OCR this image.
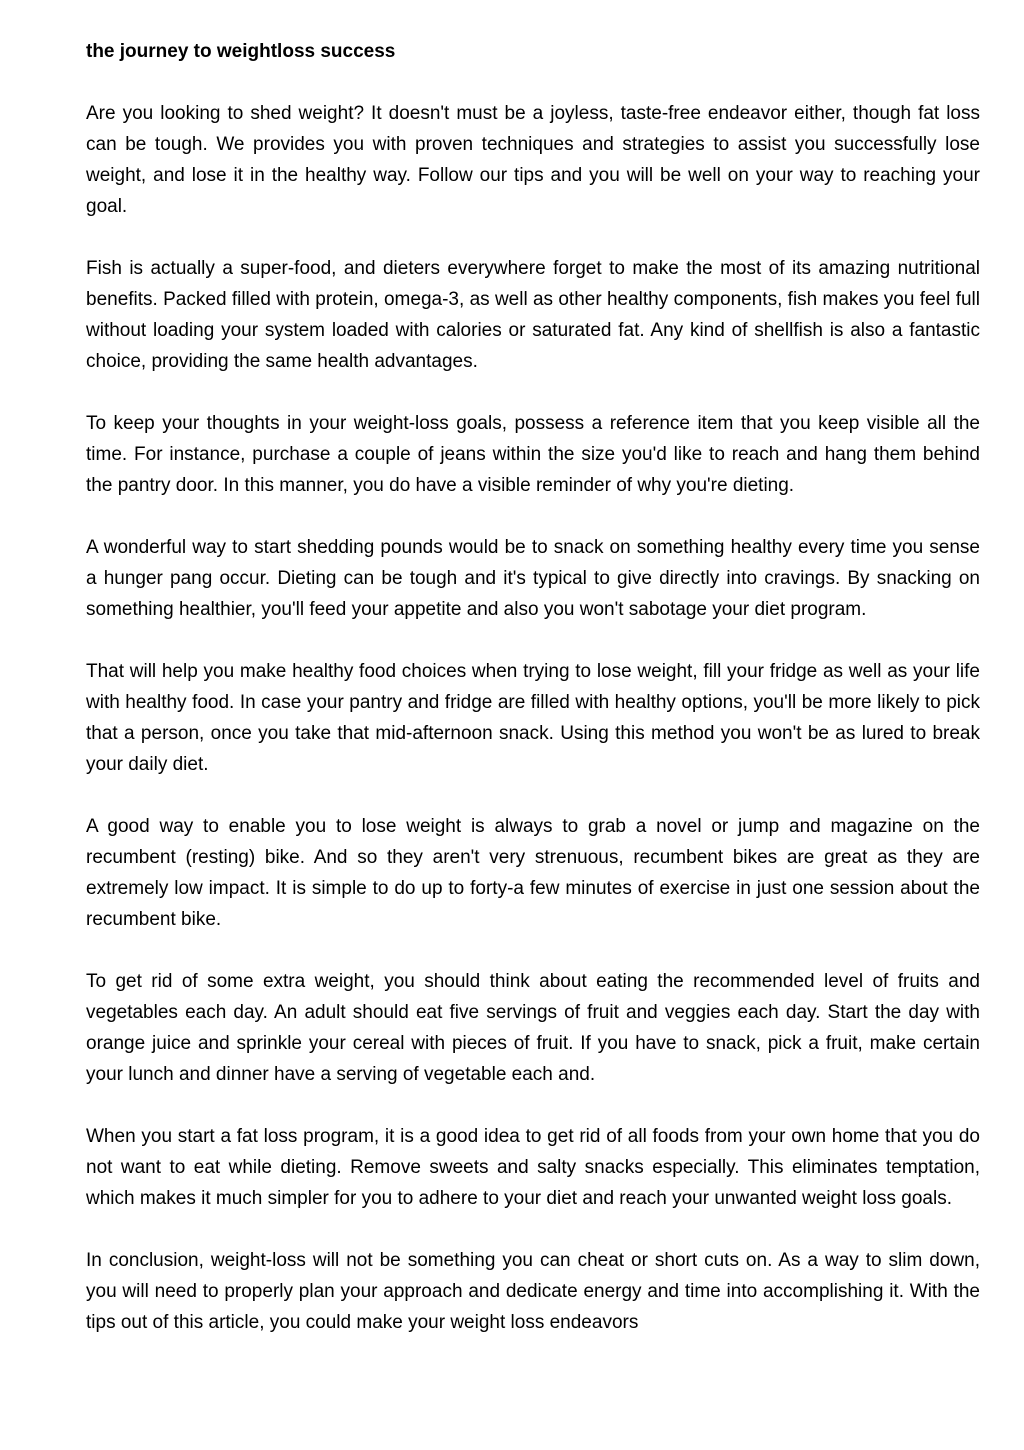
the journey to weightloss success

Are you looking to shed weight? It doesn't must be a joyless, taste-free endeavor either, though fat loss can be tough. We provides you with proven techniques and strategies to assist you successfully lose weight, and lose it in the healthy way. Follow our tips and you will be well on your way to reaching your goal.

Fish is actually a super-food, and dieters everywhere forget to make the most of its amazing nutritional benefits. Packed filled with protein, omega-3, as well as other healthy components, fish makes you feel full without loading your system loaded with calories or saturated fat. Any kind of shellfish is also a fantastic choice, providing the same health advantages.

To keep your thoughts in your weight-loss goals, possess a reference item that you keep visible all the time. For instance, purchase a couple of jeans within the size you'd like to reach and hang them behind the pantry door. In this manner, you do have a visible reminder of why you're dieting.

A wonderful way to start shedding pounds would be to snack on something healthy every time you sense a hunger pang occur. Dieting can be tough and it's typical to give directly into cravings. By snacking on something healthier, you'll feed your appetite and also you won't sabotage your diet program.

That will help you make healthy food choices when trying to lose weight, fill your fridge as well as your life with healthy food. In case your pantry and fridge are filled with healthy options, you'll be more likely to pick that a person, once you take that mid-afternoon snack. Using this method you won't be as lured to break your daily diet.

A good way to enable you to lose weight is always to grab a novel or jump and magazine on the recumbent (resting) bike. And so they aren't very strenuous, recumbent bikes are great as they are extremely low impact. It is simple to do up to forty-a few minutes of exercise in just one session about the recumbent bike.

To get rid of some extra weight, you should think about eating the recommended level of fruits and vegetables each day. An adult should eat five servings of fruit and veggies each day. Start the day with orange juice and sprinkle your cereal with pieces of fruit. If you have to snack, pick a fruit, make certain your lunch and dinner have a serving of vegetable each and.

When you start a fat loss program, it is a good idea to get rid of all foods from your own home that you do not want to eat while dieting. Remove sweets and salty snacks especially. This eliminates temptation, which makes it much simpler for you to adhere to your diet and reach your unwanted weight loss goals.

In conclusion, weight-loss will not be something you can cheat or short cuts on. As a way to slim down, you will need to properly plan your approach and dedicate energy and time into accomplishing it. With the tips out of this article, you could make your weight loss endeavors
